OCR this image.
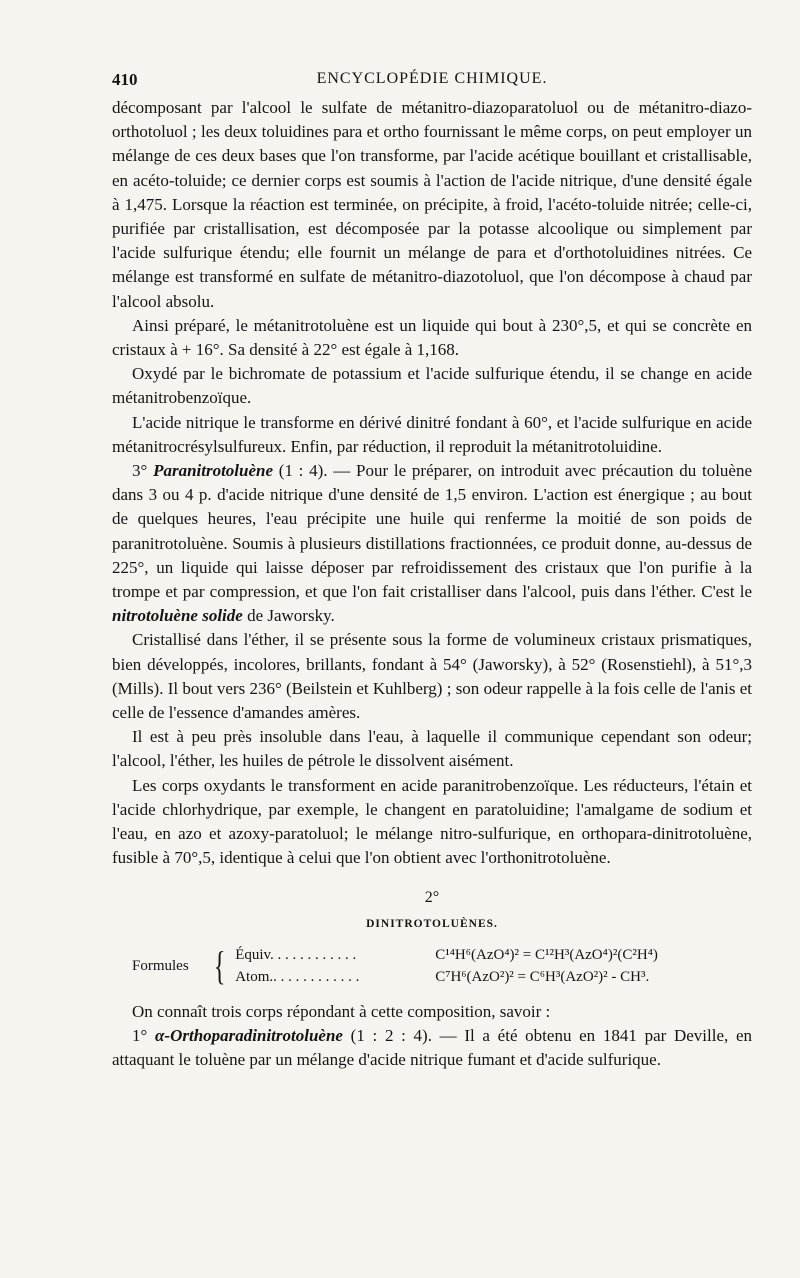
410	ENCYCLOPÉDIE CHIMIQUE.

décomposant par l'alcool le sulfate de métanitro-diazoparatoluol ou de métanitro-diazo-orthotoluol ; les deux toluidines para et ortho fournissant le même corps, on peut employer un mélange de ces deux bases que l'on transforme, par l'acide acétique bouillant et cristallisable, en acéto-toluide; ce dernier corps est soumis à l'action de l'acide nitrique, d'une densité égale à 1,475. Lorsque la réaction est terminée, on précipite, à froid, l'acéto-toluide nitrée; celle-ci, purifiée par cristallisation, est décomposée par la potasse alcoolique ou simplement par l'acide sulfurique étendu; elle fournit un mélange de para et d'orthotoluidines nitrées. Ce mélange est transformé en sulfate de métanitro-diazotoluol, que l'on décompose à chaud par l'alcool absolu.

Ainsi préparé, le métanitrotoluène est un liquide qui bout à 230°,5, et qui se concrète en cristaux à + 16°. Sa densité à 22° est égale à 1,168.

Oxydé par le bichromate de potassium et l'acide sulfurique étendu, il se change en acide métanitrobenzoïque.

L'acide nitrique le transforme en dérivé dinitré fondant à 60°, et l'acide sulfurique en acide métanitrocrésylsulfureux. Enfin, par réduction, il reproduit la métanitrotoluidine.

3° Paranitrotoluène (1 : 4). — Pour le préparer, on introduit avec précaution du toluène dans 3 ou 4 p. d'acide nitrique d'une densité de 1,5 environ. L'action est énergique ; au bout de quelques heures, l'eau précipite une huile qui renferme la moitié de son poids de paranitrotoluène. Soumis à plusieurs distillations fractionnées, ce produit donne, au-dessus de 225°, un liquide qui laisse déposer par refroidissement des cristaux que l'on purifie à la trompe et par compression, et que l'on fait cristalliser dans l'alcool, puis dans l'éther. C'est le nitrotoluène solide de Jaworsky.

Cristallisé dans l'éther, il se présente sous la forme de volumineux cristaux prismatiques, bien développés, incolores, brillants, fondant à 54° (Jaworsky), à 52° (Rosenstiehl), à 51°,3 (Mills). Il bout vers 236° (Beilstein et Kuhlberg) ; son odeur rappelle à la fois celle de l'anis et celle de l'essence d'amandes amères.

Il est à peu près insoluble dans l'eau, à laquelle il communique cependant son odeur; l'alcool, l'éther, les huiles de pétrole le dissolvent aisément.

Les corps oxydants le transforment en acide paranitrobenzoïque. Les réducteurs, l'étain et l'acide chlorhydrique, par exemple, le changent en paratoluidine; l'amalgame de sodium et l'eau, en azo et azoxy-paratoluol; le mélange nitro-sulfurique, en orthopara-dinitrotoluène, fusible à 70°,5, identique à celui que l'on obtient avec l'orthonitrotoluène.

2°

DINITROTOLUÈNES.

Formules { Équiv. . . . . . . . . . . .	C¹⁴H⁶(AzO⁴)² = C¹²H³(AzO⁴)²(C²H⁴)
Atom.. . . . . . . . . . . .	C⁷H⁶(AzO²)² = C⁶H³(AzO²)² - CH³.

On connaît trois corps répondant à cette composition, savoir :

1° α-Orthoparadinitrotoluène (1 : 2 : 4). — Il a été obtenu en 1841 par Deville, en attaquant le toluène par un mélange d'acide nitrique fumant et d'acide sulfurique.
